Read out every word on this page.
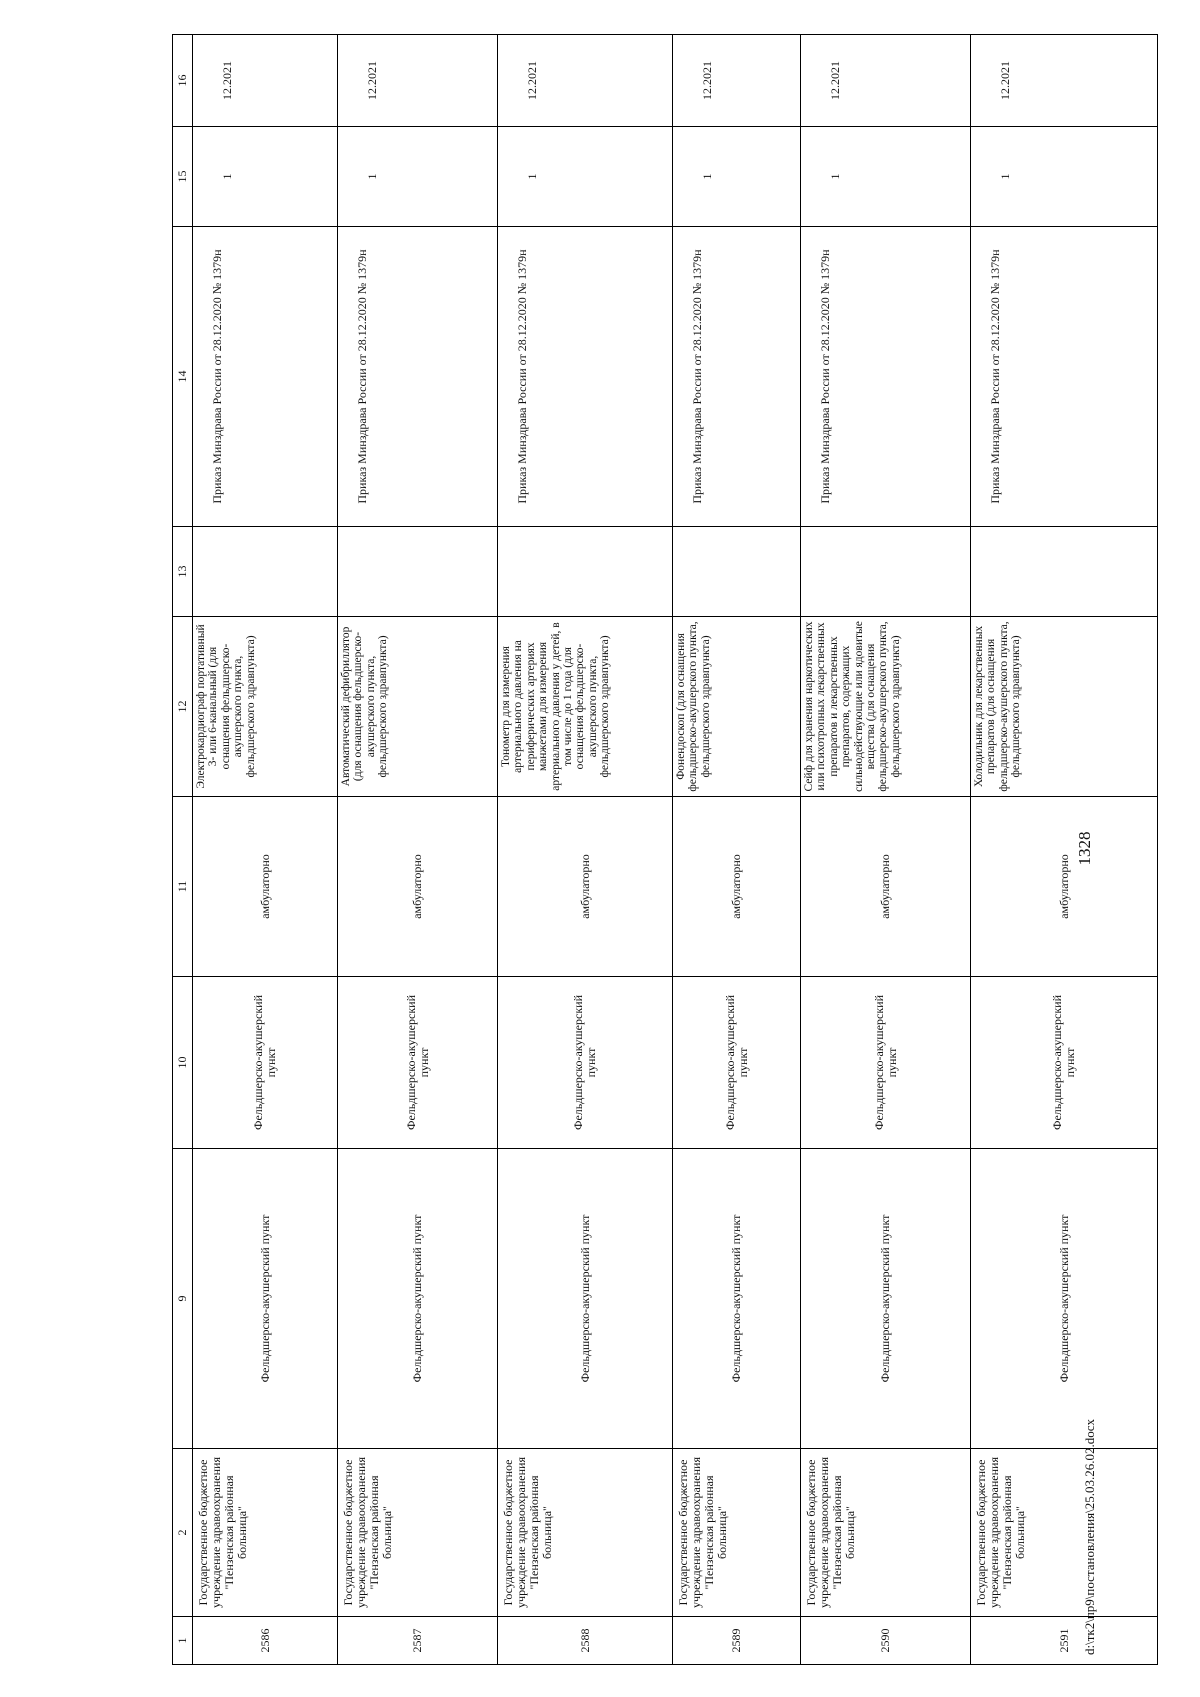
1	2	9	10	11	12	13	14	15	16
2586	Государственное бюджетное учреждение здравоохранения "Пензенская районная больница"	Фельдшерско-акушерский пункт	Фельдшерско-акушерский пункт	амбулаторно	Электрокардиограф портативный 3- или 6-канальный (для оснащения фельдшерско-акушерского пункта, фельдшерского здравпункта)		Приказ Минздрава России от 28.12.2020 № 1379н	1	12.2021
2587	Государственное бюджетное учреждение здравоохранения "Пензенская районная больница"	Фельдшерско-акушерский пункт	Фельдшерско-акушерский пункт	амбулаторно	Автоматический дефибриллятор (для оснащения фельдшерско-акушерского пункта, фельдшерского здравпункта)		Приказ Минздрава России от 28.12.2020 № 1379н	1	12.2021
2588	Государственное бюджетное учреждение здравоохранения "Пензенская районная больница"	Фельдшерско-акушерский пункт	Фельдшерско-акушерский пункт	амбулаторно	Тонометр для измерения артериального давления на периферических артериях манжетами для измерения артериального давления у детей, в том числе до 1 года (для оснащения фельдшерско-акушерского пункта, фельдшерского здравпункта)		Приказ Минздрава России от 28.12.2020 № 1379н	1	12.2021
2589	Государственное бюджетное учреждение здравоохранения "Пензенская районная больница"	Фельдшерско-акушерский пункт	Фельдшерско-акушерский пункт	амбулаторно	Фонендоскоп (для оснащения фельдшерско-акушерского пункта, фельдшерского здравпункта)		Приказ Минздрава России от 28.12.2020 № 1379н	1	12.2021
2590	Государственное бюджетное учреждение здравоохранения "Пензенская районная больница"	Фельдшерско-акушерский пункт	Фельдшерско-акушерский пункт	амбулаторно	Сейф для хранения наркотических или психотропных лекарственных препаратов и лекарственных препаратов, содержащих сильнодействующие или ядовитые вещества (для оснащения фельдшерско-акушерского пункта, фельдшерского здравпункта)		Приказ Минздрава России от 28.12.2020 № 1379н	1	12.2021
2591	Государственное бюджетное учреждение здравоохранения "Пензенская районная больница"	Фельдшерско-акушерский пункт	Фельдшерско-акушерский пункт	амбулаторно	Холодильник для лекарственных препаратов (для оснащения фельдшерско-акушерского пункта, фельдшерского здравпункта)		Приказ Минздрава России от 28.12.2020 № 1379н	1	12.2021
1328
d:\тк2\пр9\постановления\25.03.26.02.docx
